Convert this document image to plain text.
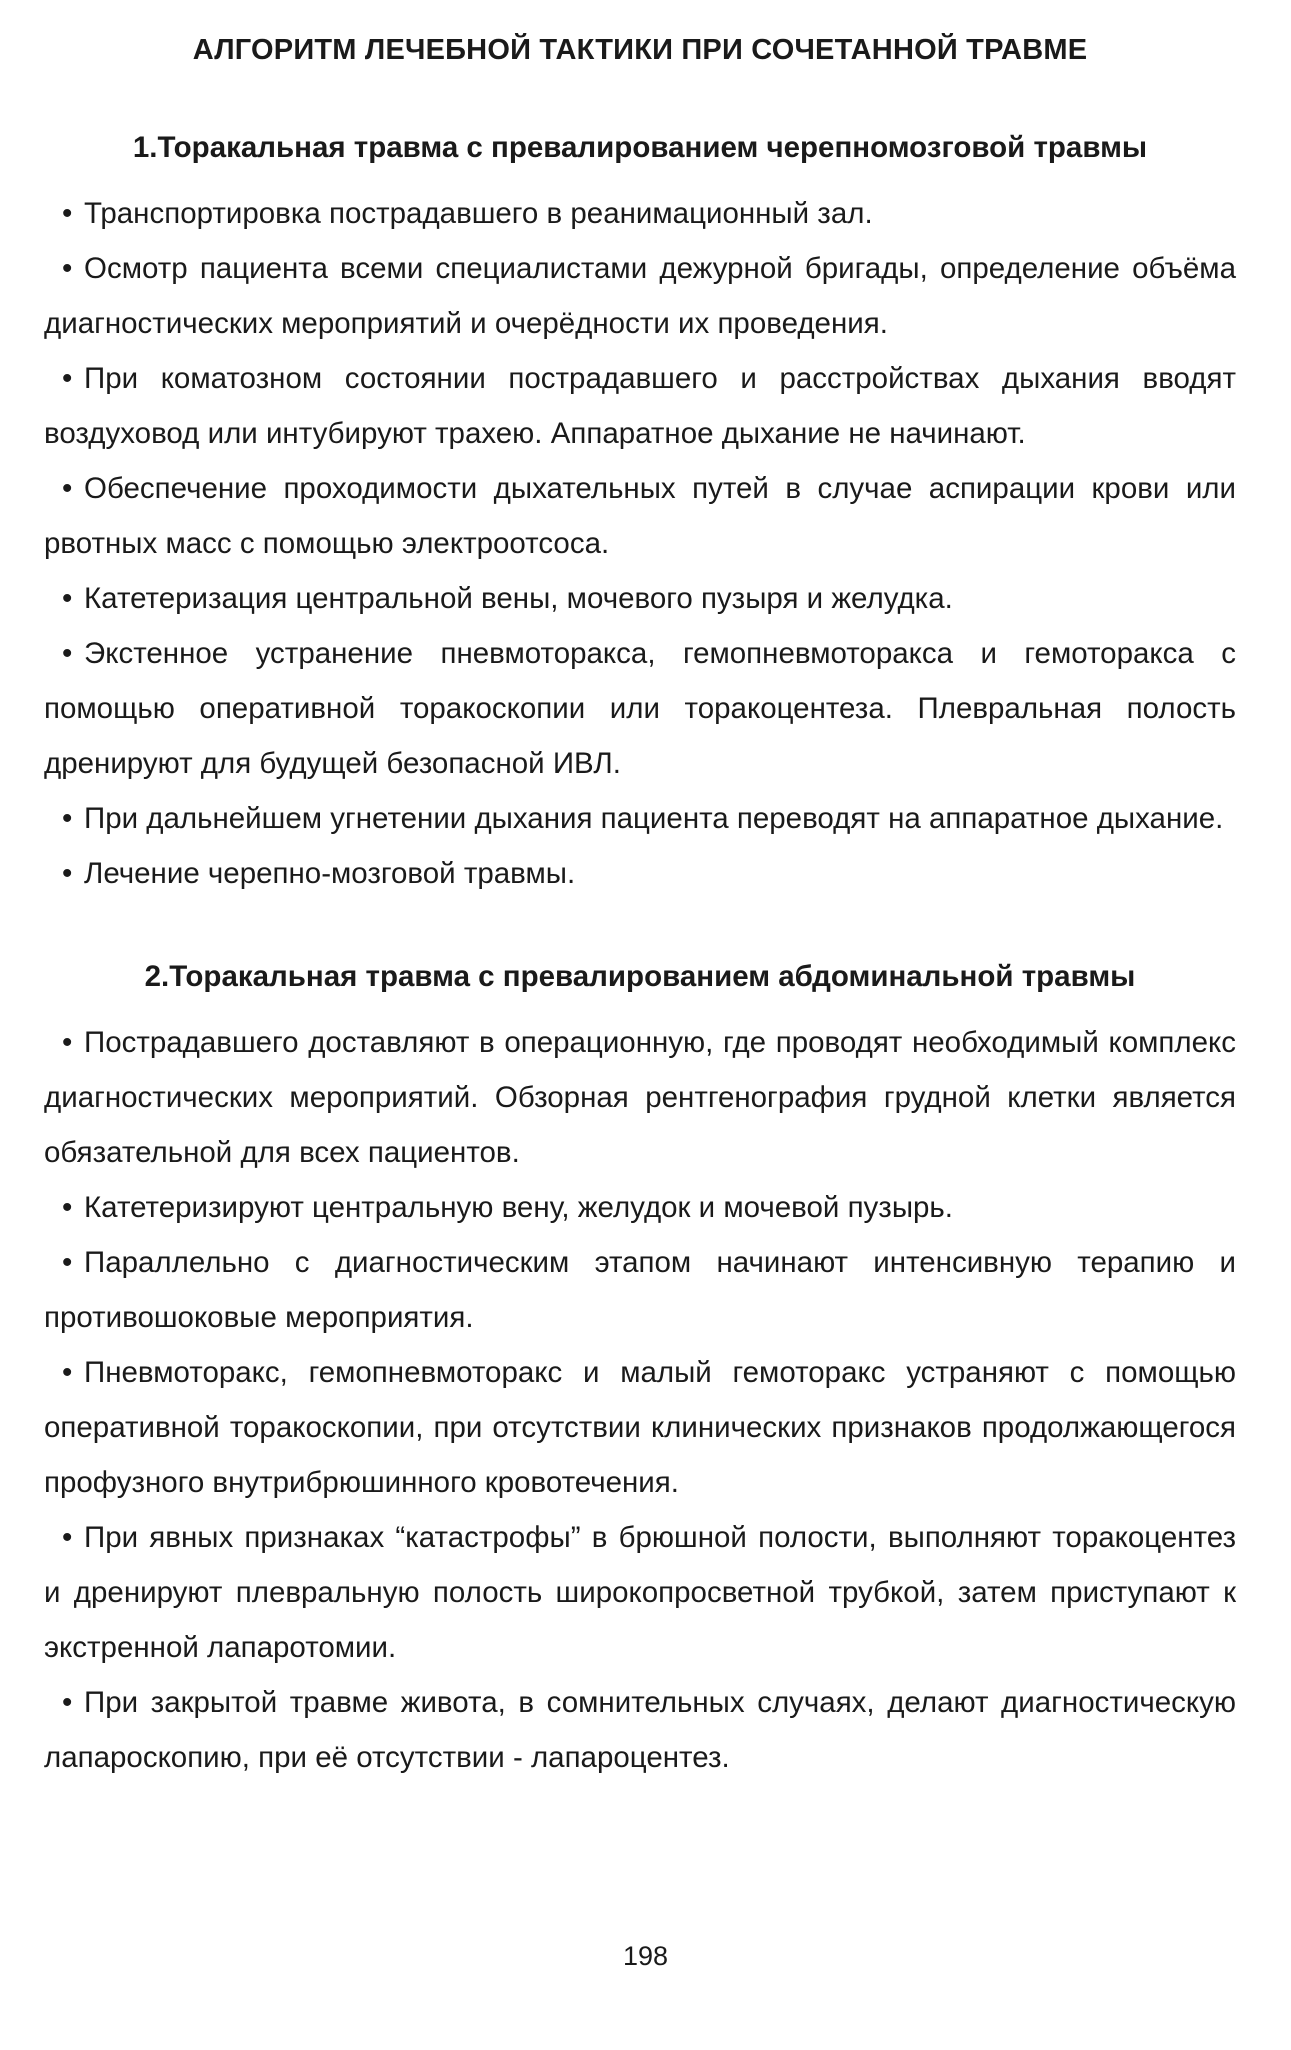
АЛГОРИТМ ЛЕЧЕБНОЙ ТАКТИКИ ПРИ СОЧЕТАННОЙ ТРАВМЕ
1.Торакальная травма с превалированием черепномозговой травмы

• Транспортировка пострадавшего в реанимационный зал.

• Осмотр пациента всеми специалистами дежурной бригады, определение объёма диагностических мероприятий и очерёдности их проведения.

• При коматозном состоянии пострадавшего и расстройствах дыхания вводят воздуховод или интубируют трахею. Аппаратное дыхание не начинают.

• Обеспечение проходимости дыхательных путей в случае аспирации крови или рвотных масс с помощью электроотсоса.

• Катетеризация центральной вены, мочевого пузыря и желудка.

• Экстенное устранение пневмоторакса, гемопневмоторакса и гемоторакса с помощью оперативной торакоскопии или торакоцентеза. Плевральная полость дренируют для будущей безопасной ИВЛ.

• При дальнейшем угнетении дыхания пациента переводят на аппаратное дыхание.

• Лечение черепно-мозговой травмы.

2.Торакальная травма с превалированием абдоминальной травмы

• Пострадавшего доставляют в операционную, где проводят необходимый комплекс диагностических мероприятий. Обзорная рентгенография грудной клетки является обязательной для всех пациентов.

• Катетеризируют центральную вену, желудок и мочевой пузырь.

• Параллельно с диагностическим этапом начинают интенсивную терапию и противошоковые мероприятия.

• Пневмоторакс, гемопневмоторакс и малый гемоторакс устраняют с помощью оперативной торакоскопии, при отсутствии клинических признаков продолжающегося профузного внутрибрюшинного кровотечения.

• При явных признаках “катастрофы” в брюшной полости, выполняют торакоцентез и дренируют плевральную полость широкопросветной трубкой, затем приступают к экстренной лапаротомии.

• При закрытой травме живота, в сомнительных случаях, делают диагностическую лапароскопию, при её отсутствии - лапароцентез.

198
